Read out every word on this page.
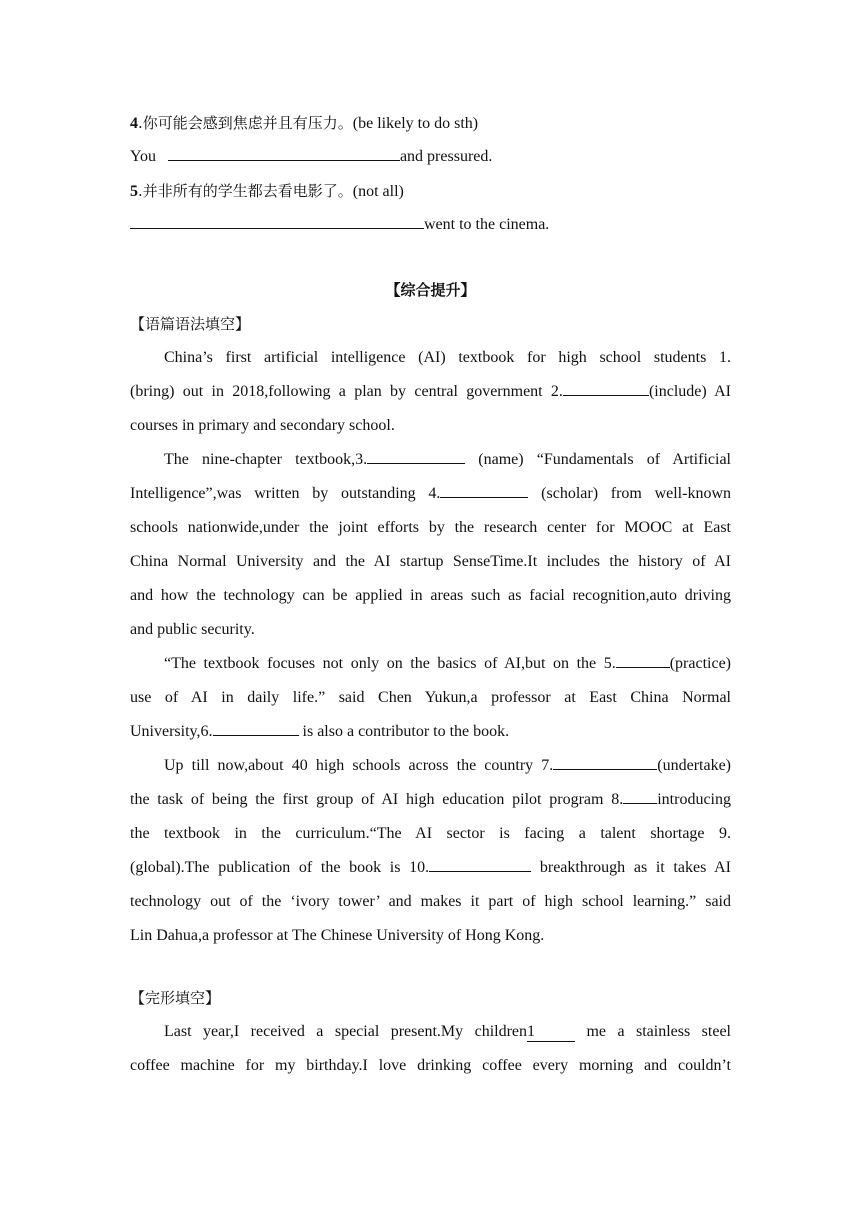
4.你可能会感到焦虑并且有压力。(be likely to do sth)
You	and pressured.
5.并非所有的学生都去看电影了。(not all)
went to the cinema.
【综合提升】
【语篇语法填空】
China’s first artificial intelligence (AI) textbook for high school students 1.
(bring) out in 2018,following a plan by central government 2.	(include) AI
courses in primary and secondary school.
The nine-chapter textbook,3.	(name) “Fundamentals of Artificial
Intelligence”,was written by outstanding 4.	(scholar) from well-known
schools nationwide,under the joint efforts by the research center for MOOC at East
China Normal University and the AI startup SenseTime.It includes the history of AI
and how the technology can be applied in areas such as facial recognition,auto driving
and public security.
“The textbook focuses not only on the basics of AI,but on the 5.	(practice)
use of AI in daily life.” said Chen Yukun,a professor at East China Normal
University,6.	is also a contributor to the book.
Up till now,about 40 high schools across the country 7.	(undertake)
the task of being the first group of AI high education pilot program 8. introducing
the textbook in the curriculum.“The AI sector is facing a talent shortage 9.
(global).The publication of the book is 10.	breakthrough as it takes AI
technology out of the ‘ivory tower’ and makes it part of high school learning.” said
Lin Dahua,a professor at The Chinese University of Hong Kong.
【完形填空】
Last year,I received a special present.My children1	me a stainless steel
coffee machine for my birthday.I love drinking coffee every morning and couldn’t
